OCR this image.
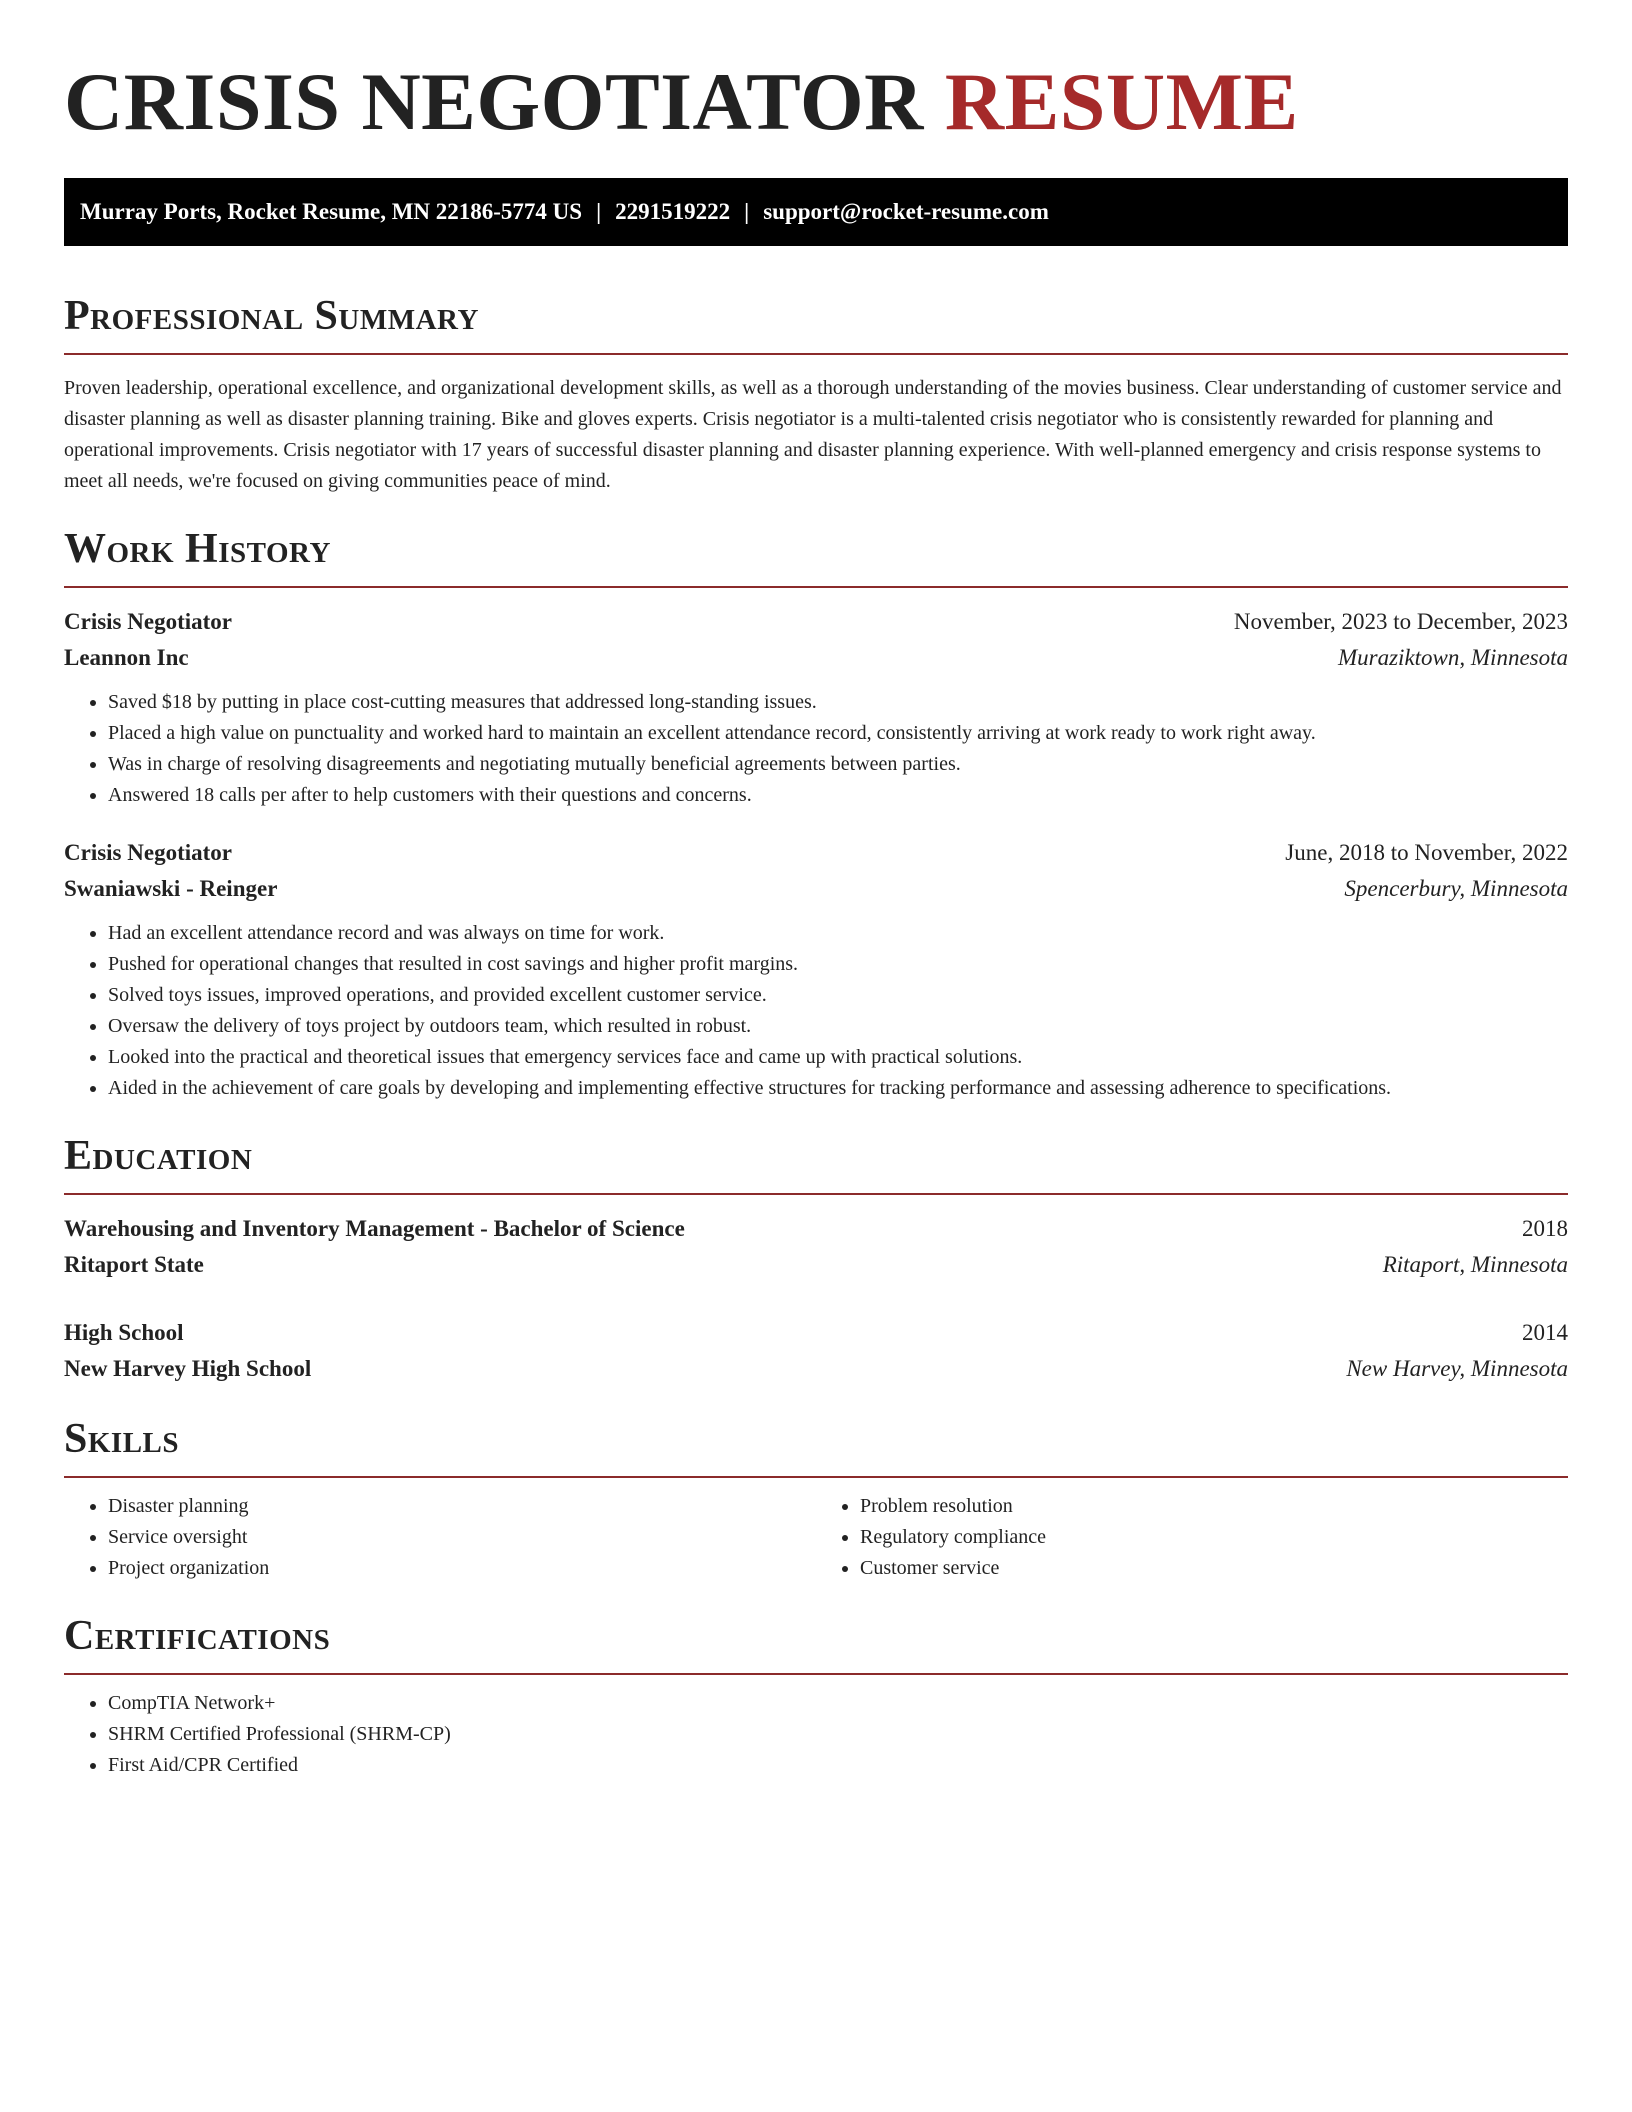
CRISIS NEGOTIATOR RESUME
Murray Ports, Rocket Resume, MN 22186-5774 US | 2291519222 | support@rocket-resume.com
Professional Summary

Proven leadership, operational excellence, and organizational development skills, as well as a thorough understanding of the movies business. Clear understanding of customer service and disaster planning as well as disaster planning training. Bike and gloves experts. Crisis negotiator is a multi-talented crisis negotiator who is consistently rewarded for planning and operational improvements. Crisis negotiator with 17 years of successful disaster planning and disaster planning experience. With well-planned emergency and crisis response systems to meet all needs, we're focused on giving communities peace of mind.

Work History
Crisis Negotiator	November, 2023 to December, 2023
Leannon Inc	Muraziktown, Minnesota
• Saved $18 by putting in place cost-cutting measures that addressed long-standing issues.
• Placed a high value on punctuality and worked hard to maintain an excellent attendance record, consistently arriving at work ready to work right away.
• Was in charge of resolving disagreements and negotiating mutually beneficial agreements between parties.
• Answered 18 calls per after to help customers with their questions and concerns.
Crisis Negotiator	June, 2018 to November, 2022
Swaniawski - Reinger	Spencerbury, Minnesota
• Had an excellent attendance record and was always on time for work.
• Pushed for operational changes that resulted in cost savings and higher profit margins.
• Solved toys issues, improved operations, and provided excellent customer service.
• Oversaw the delivery of toys project by outdoors team, which resulted in robust.
• Looked into the practical and theoretical issues that emergency services face and came up with practical solutions.
• Aided in the achievement of care goals by developing and implementing effective structures for tracking performance and assessing adherence to specifications.
Education
Warehousing and Inventory Management - Bachelor of Science	2018
Ritaport State	Ritaport, Minnesota
High School	2014
New Harvey High School	New Harvey, Minnesota
Skills
• Disaster planning
• Service oversight
• Project organization
• Problem resolution
• Regulatory compliance
• Customer service
Certifications
• CompTIA Network+
• SHRM Certified Professional (SHRM-CP)
• First Aid/CPR Certified
